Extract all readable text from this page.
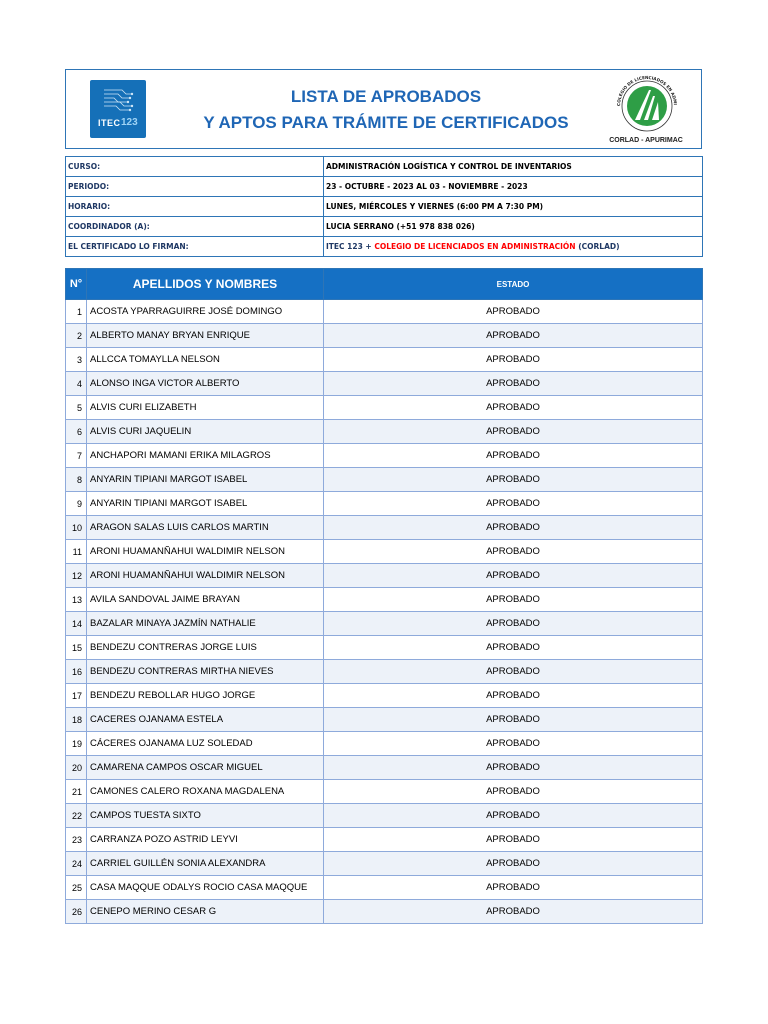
ITEC 123
LISTA DE APROBADOS
Y APTOS PARA TRÁMITE DE CERTIFICADOS
COLEGIO DE LICENCIADOS EN ADMI
CORLAD - APURIMAC
CURSO:	ADMINISTRACIÓN LOGÍSTICA Y CONTROL DE INVENTARIOS
PERIODO:	23 - OCTUBRE - 2023 AL 03 - NOVIEMBRE - 2023
HORARIO:	LUNES, MIÉRCOLES Y VIERNES (6:00 PM A 7:30 PM)
COORDINADOR (A):	LUCIA SERRANO (+51 978 838 026)
EL CERTIFICADO LO FIRMAN:	ITEC 123 + COLEGIO DE LICENCIADOS EN ADMINISTRACIÓN (CORLAD)
N°	APELLIDOS Y NOMBRES	ESTADO
1	ACOSTA YPARRAGUIRRE JOSÉ DOMINGO	APROBADO
2	ALBERTO MANAY BRYAN ENRIQUE	APROBADO
3	ALLCCA TOMAYLLA NELSON	APROBADO
4	ALONSO INGA VICTOR ALBERTO	APROBADO
5	ALVIS CURI ELIZABETH	APROBADO
6	ALVIS CURI JAQUELIN	APROBADO
7	ANCHAPORI MAMANI ERIKA MILAGROS	APROBADO
8	ANYARIN TIPIANI MARGOT ISABEL	APROBADO
9	ANYARIN TIPIANI MARGOT ISABEL	APROBADO
10	ARAGON SALAS LUIS CARLOS MARTIN	APROBADO
11	ARONI HUAMANÑAHUI WALDIMIR NELSON	APROBADO
12	ARONI HUAMANÑAHUI WALDIMIR NELSON	APROBADO
13	AVILA SANDOVAL JAIME BRAYAN	APROBADO
14	BAZALAR MINAYA JAZMÍN NATHALIE	APROBADO
15	BENDEZU CONTRERAS JORGE LUIS	APROBADO
16	BENDEZU CONTRERAS MIRTHA NIEVES	APROBADO
17	BENDEZU REBOLLAR HUGO JORGE	APROBADO
18	CACERES OJANAMA ESTELA	APROBADO
19	CÁCERES OJANAMA LUZ SOLEDAD	APROBADO
20	CAMARENA CAMPOS OSCAR MIGUEL	APROBADO
21	CAMONES CALERO ROXANA MAGDALENA	APROBADO
22	CAMPOS TUESTA SIXTO	APROBADO
23	CARRANZA POZO ASTRID LEYVI	APROBADO
24	CARRIEL GUILLÉN SONIA ALEXANDRA	APROBADO
25	CASA MAQQUE ODALYS ROCIO CASA MAQQUE	APROBADO
26	CENEPO MERINO CESAR G	APROBADO
